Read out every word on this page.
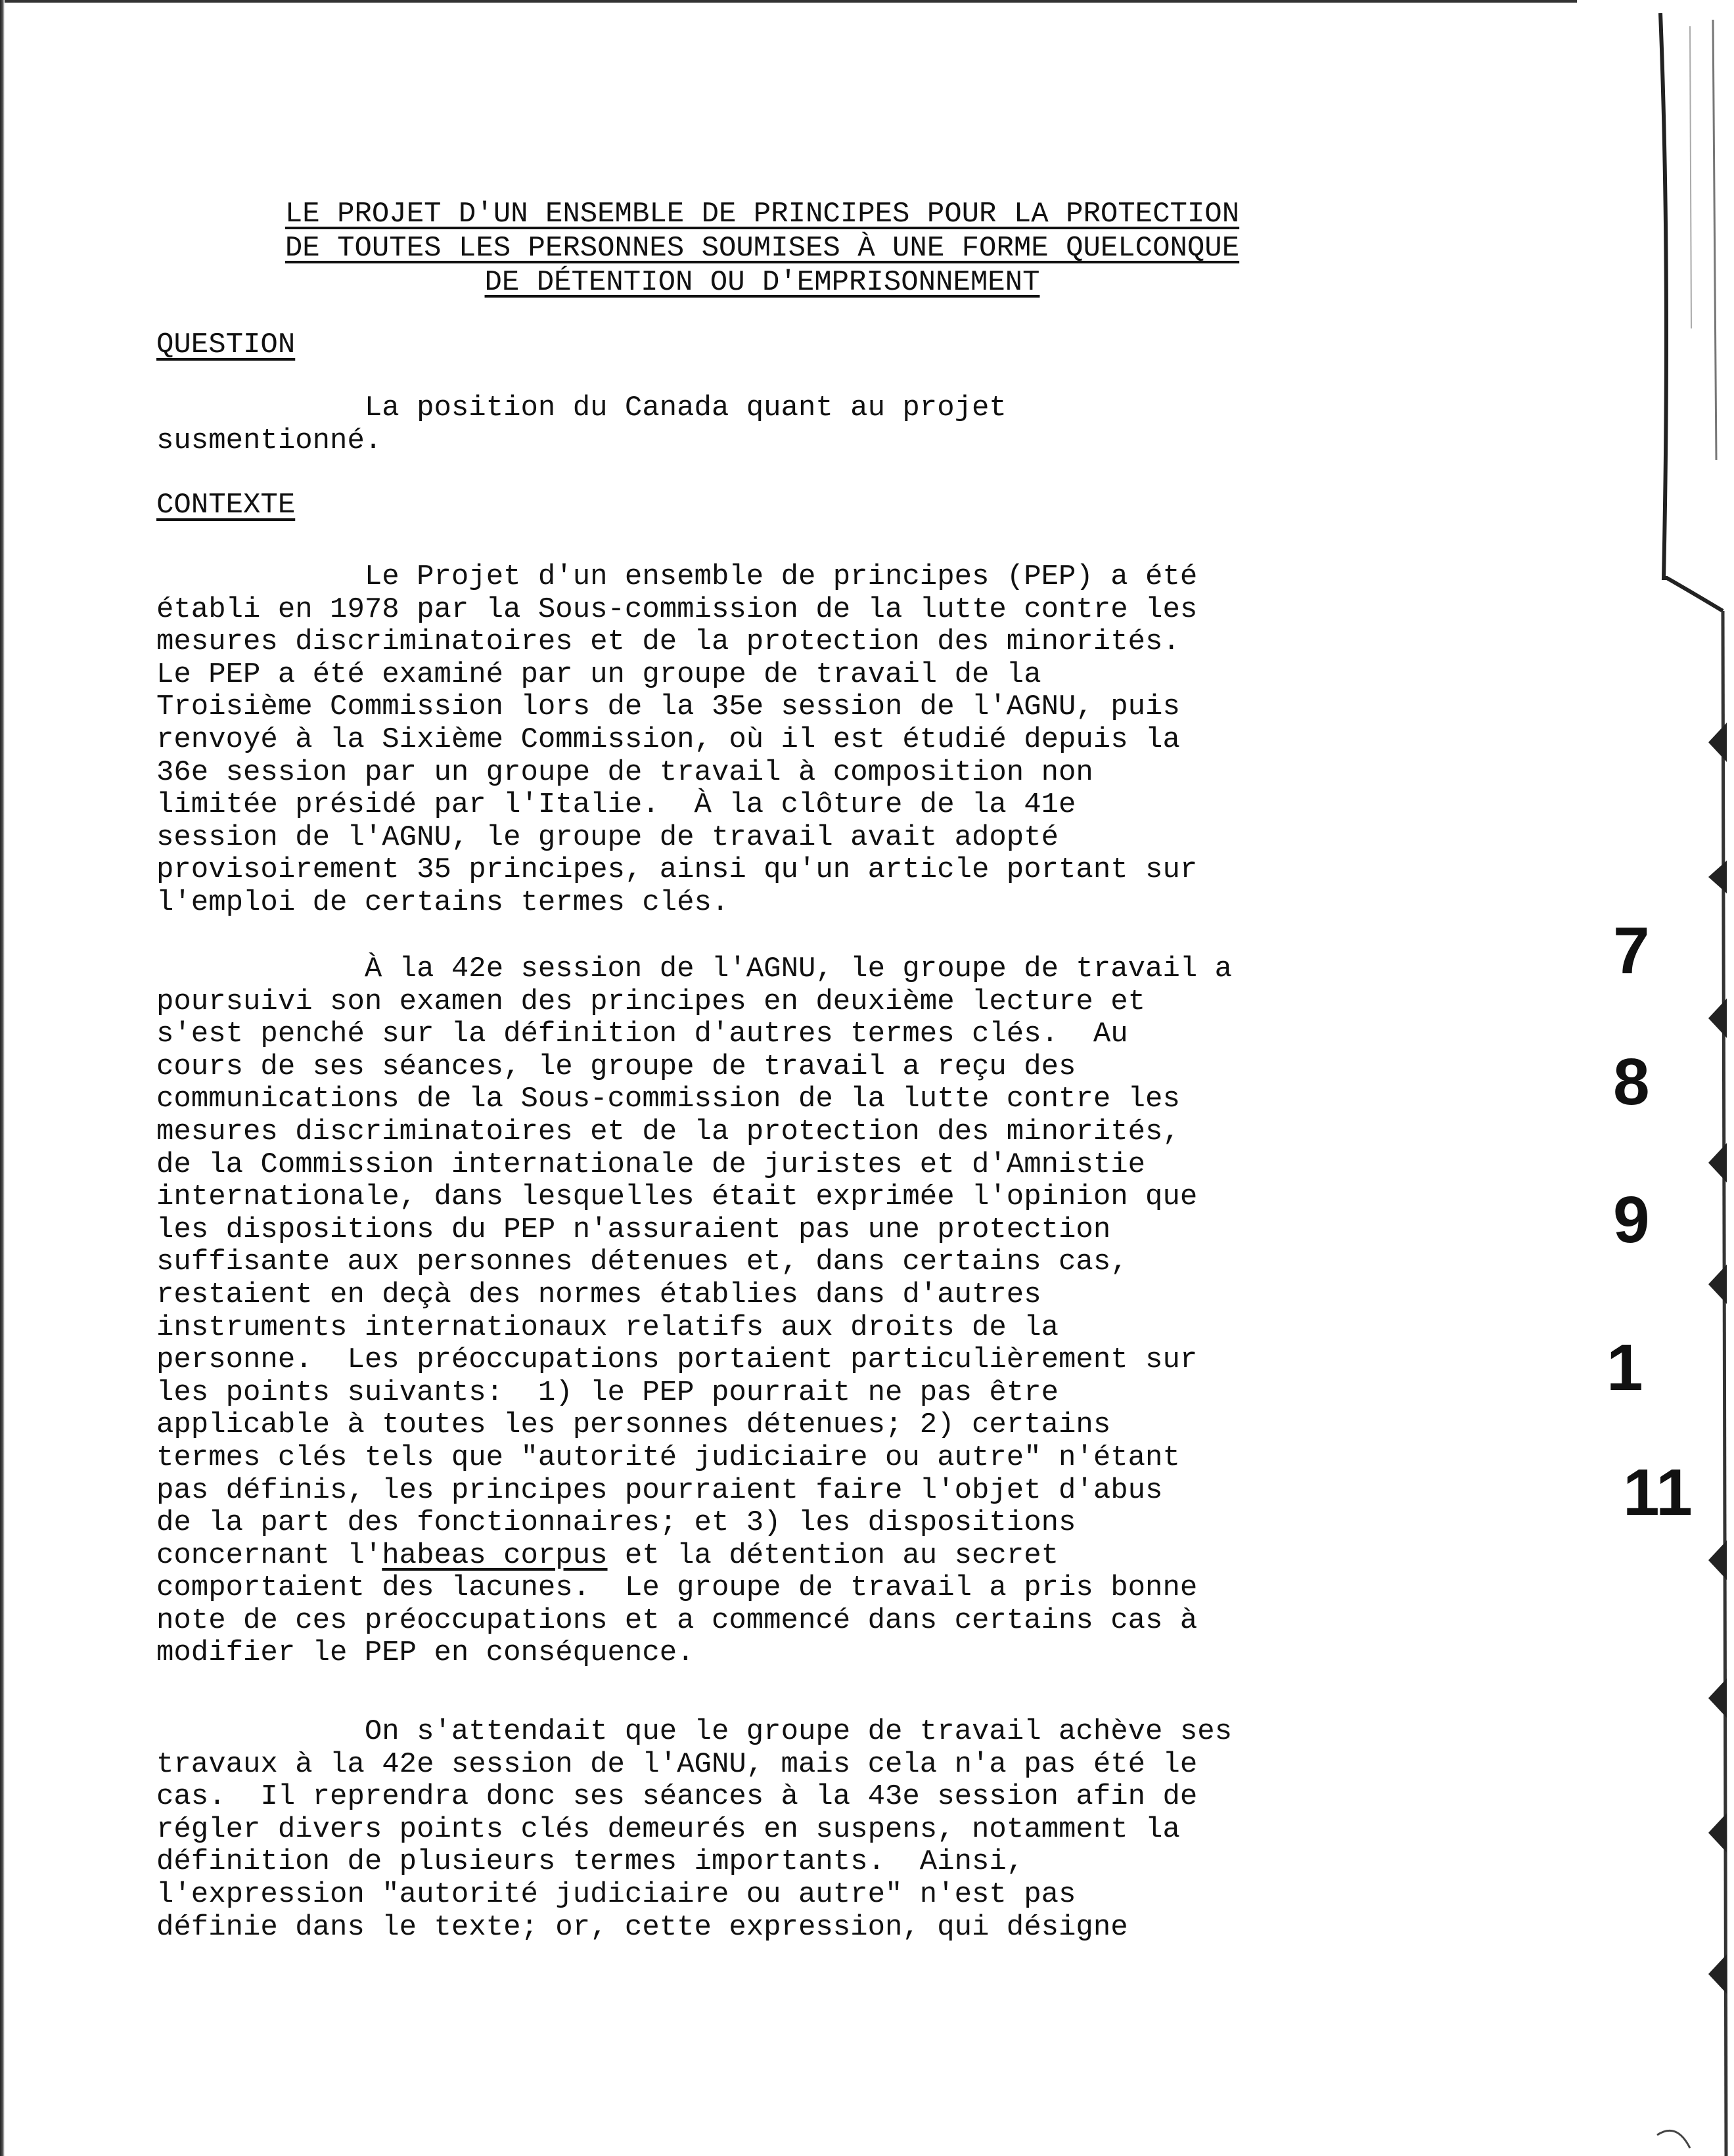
LE PROJET D'UN ENSEMBLE DE PRINCIPES POUR LA PROTECTION
DE TOUTES LES PERSONNES SOUMISES À UNE FORME QUELCONQUE
DE DÉTENTION OU D'EMPRISONNEMENT
QUESTION
La position du Canada quant au projet
susmentionné.
CONTEXTE
Le Projet d'un ensemble de principes (PEP) a été
établi en 1978 par la Sous-commission de la lutte contre les
mesures discriminatoires et de la protection des minorités.
Le PEP a été examiné par un groupe de travail de la
Troisième Commission lors de la 35e session de l'AGNU, puis
renvoyé à la Sixième Commission, où il est étudié depuis la
36e session par un groupe de travail à composition non
limitée présidé par l'Italie.  À la clôture de la 41e
session de l'AGNU, le groupe de travail avait adopté
provisoirement 35 principes, ainsi qu'un article portant sur
l'emploi de certains termes clés.
À la 42e session de l'AGNU, le groupe de travail a
poursuivi son examen des principes en deuxième lecture et
s'est penché sur la définition d'autres termes clés.  Au
cours de ses séances, le groupe de travail a reçu des
communications de la Sous-commission de la lutte contre les
mesures discriminatoires et de la protection des minorités,
de la Commission internationale de juristes et d'Amnistie
internationale, dans lesquelles était exprimée l'opinion que
les dispositions du PEP n'assuraient pas une protection
suffisante aux personnes détenues et, dans certains cas,
restaient en deçà des normes établies dans d'autres
instruments internationaux relatifs aux droits de la
personne.  Les préoccupations portaient particulièrement sur
les points suivants:  1) le PEP pourrait ne pas être
applicable à toutes les personnes détenues; 2) certains
termes clés tels que "autorité judiciaire ou autre" n'étant
pas définis, les principes pourraient faire l'objet d'abus
de la part des fonctionnaires; et 3) les dispositions
concernant l'habeas corpus et la détention au secret
comportaient des lacunes.  Le groupe de travail a pris bonne
note de ces préoccupations et a commencé dans certains cas à
modifier le PEP en conséquence.
On s'attendait que le groupe de travail achève ses
travaux à la 42e session de l'AGNU, mais cela n'a pas été le
cas.  Il reprendra donc ses séances à la 43e session afin de
régler divers points clés demeurés en suspens, notamment la
définition de plusieurs termes importants.  Ainsi,
l'expression "autorité judiciaire ou autre" n'est pas
définie dans le texte; or, cette expression, qui désigne
7
8
9
1
11
